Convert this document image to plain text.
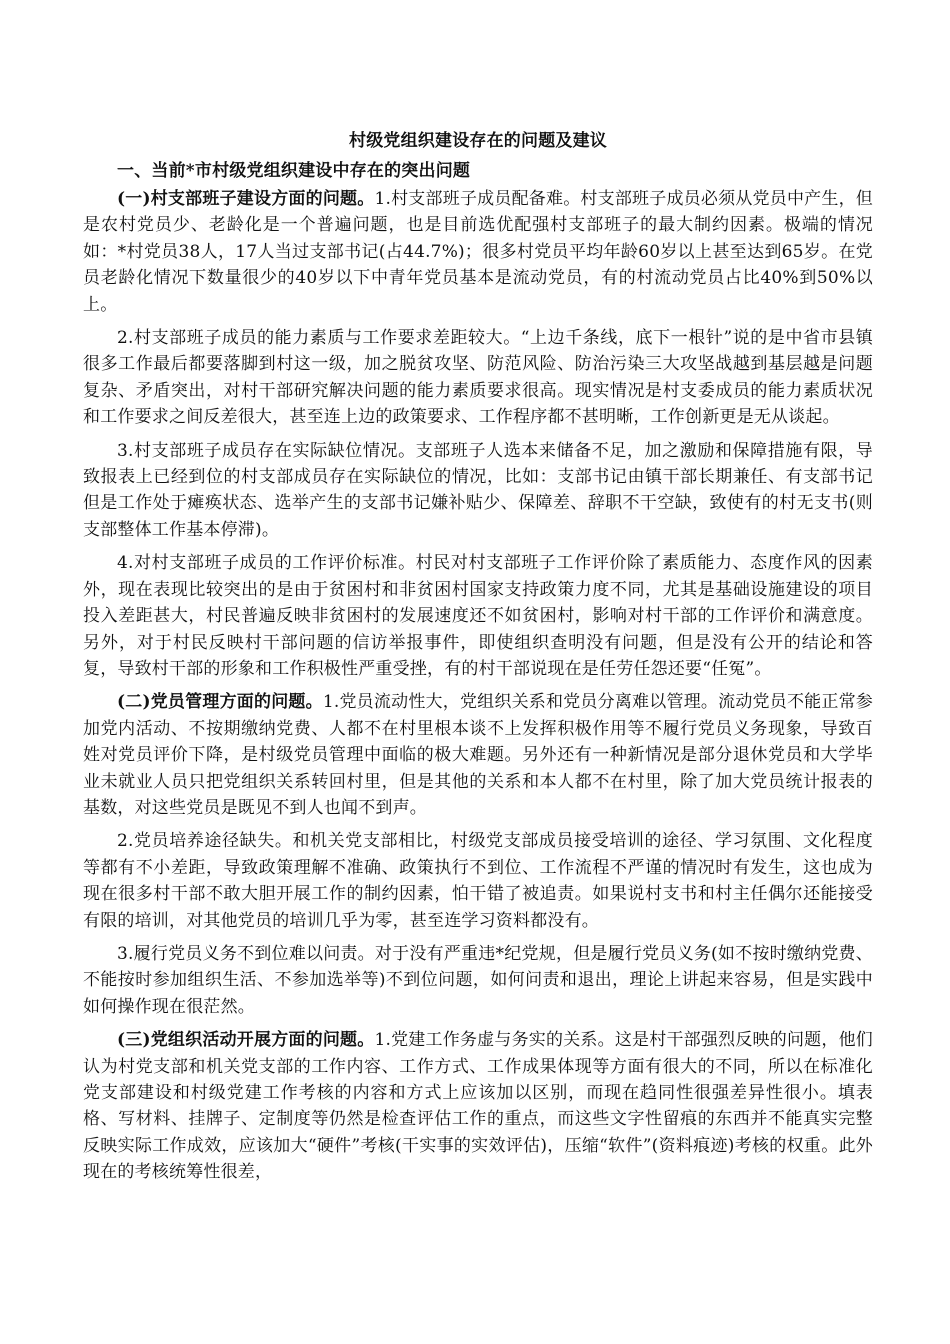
村级党组织建设存在的问题及建议

一、当前*市村级党组织建设中存在的突出问题

(一)村支部班子建设方面的问题。1.村支部班子成员配备难。村支部班子成员必须从党员中产生，但是农村党员少、老龄化是一个普遍问题，也是目前选优配强村支部班子的最大制约因素。极端的情况如：*村党员38人，17人当过支部书记(占44.7%)；很多村党员平均年龄60岁以上甚至达到65岁。在党员老龄化情况下数量很少的40岁以下中青年党员基本是流动党员，有的村流动党员占比40%到50%以上。

2.村支部班子成员的能力素质与工作要求差距较大。“上边千条线，底下一根针”说的是中省市县镇很多工作最后都要落脚到村这一级，加之脱贫攻坚、防范风险、防治污染三大攻坚战越到基层越是问题复杂、矛盾突出，对村干部研究解决问题的能力素质要求很高。现实情况是村支委成员的能力素质状况和工作要求之间反差很大，甚至连上边的政策要求、工作程序都不甚明晰，工作创新更是无从谈起。

3.村支部班子成员存在实际缺位情况。支部班子人选本来储备不足，加之激励和保障措施有限，导致报表上已经到位的村支部成员存在实际缺位的情况，比如：支部书记由镇干部长期兼任、有支部书记但是工作处于瘫痪状态、选举产生的支部书记嫌补贴少、保障差、辞职不干空缺，致使有的村无支书(则支部整体工作基本停滞)。

4.对村支部班子成员的工作评价标准。村民对村支部班子工作评价除了素质能力、态度作风的因素外，现在表现比较突出的是由于贫困村和非贫困村国家支持政策力度不同，尤其是基础设施建设的项目投入差距甚大，村民普遍反映非贫困村的发展速度还不如贫困村，影响对村干部的工作评价和满意度。另外，对于村民反映村干部问题的信访举报事件，即使组织查明没有问题，但是没有公开的结论和答复，导致村干部的形象和工作积极性严重受挫，有的村干部说现在是任劳任怨还要“任冤”。

(二)党员管理方面的问题。1.党员流动性大，党组织关系和党员分离难以管理。流动党员不能正常参加党内活动、不按期缴纳党费、人都不在村里根本谈不上发挥积极作用等不履行党员义务现象，导致百姓对党员评价下降，是村级党员管理中面临的极大难题。另外还有一种新情况是部分退休党员和大学毕业未就业人员只把党组织关系转回村里，但是其他的关系和本人都不在村里，除了加大党员统计报表的基数，对这些党员是既见不到人也闻不到声。

2.党员培养途径缺失。和机关党支部相比，村级党支部成员接受培训的途径、学习氛围、文化程度等都有不小差距，导致政策理解不准确、政策执行不到位、工作流程不严谨的情况时有发生，这也成为现在很多村干部不敢大胆开展工作的制约因素，怕干错了被追责。如果说村支书和村主任偶尔还能接受有限的培训，对其他党员的培训几乎为零，甚至连学习资料都没有。

3.履行党员义务不到位难以问责。对于没有严重违*纪党规，但是履行党员义务(如不按时缴纳党费、不能按时参加组织生活、不参加选举等)不到位问题，如何问责和退出，理论上讲起来容易，但是实践中如何操作现在很茫然。

(三)党组织活动开展方面的问题。1.党建工作务虚与务实的关系。这是村干部强烈反映的问题，他们认为村党支部和机关党支部的工作内容、工作方式、工作成果体现等方面有很大的不同，所以在标准化党支部建设和村级党建工作考核的内容和方式上应该加以区别，而现在趋同性很强差异性很小。填表格、写材料、挂牌子、定制度等仍然是检查评估工作的重点，而这些文字性留痕的东西并不能真实完整反映实际工作成效，应该加大“硬件”考核(干实事的实效评估)，压缩“软件”(资料痕迹)考核的权重。此外现在的考核统筹性很差，
